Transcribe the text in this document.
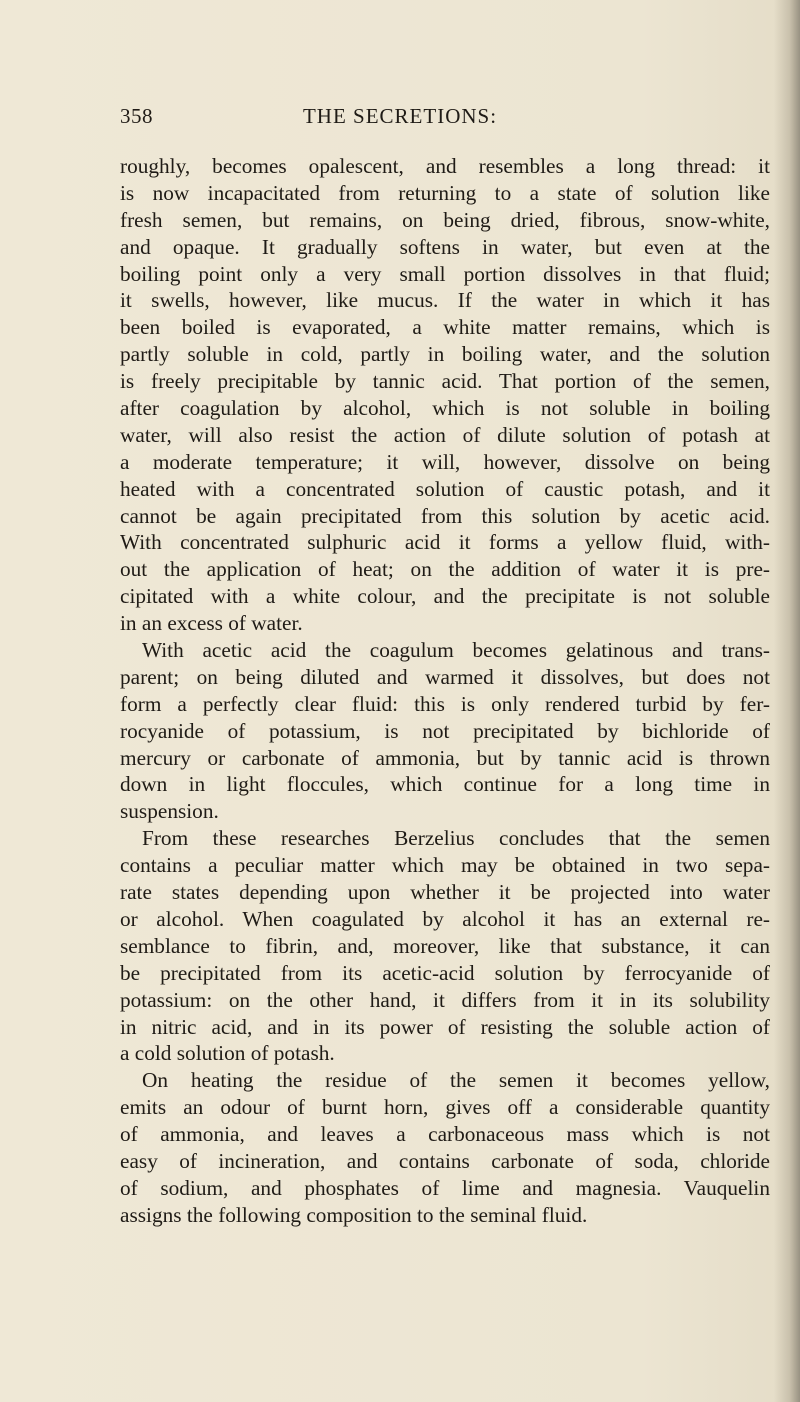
358	THE SECRETIONS:
roughly, becomes opalescent, and resembles a long thread: it
is now incapacitated from returning to a state of solution like
fresh semen, but remains, on being dried, fibrous, snow-white,
and opaque. It gradually softens in water, but even at the
boiling point only a very small portion dissolves in that fluid;
it swells, however, like mucus. If the water in which it has
been boiled is evaporated, a white matter remains, which is
partly soluble in cold, partly in boiling water, and the solution
is freely precipitable by tannic acid. That portion of the semen,
after coagulation by alcohol, which is not soluble in boiling
water, will also resist the action of dilute solution of potash at
a moderate temperature; it will, however, dissolve on being
heated with a concentrated solution of caustic potash, and it
cannot be again precipitated from this solution by acetic acid.
With concentrated sulphuric acid it forms a yellow fluid, with-
out the application of heat; on the addition of water it is pre-
cipitated with a white colour, and the precipitate is not soluble
in an excess of water.
With acetic acid the coagulum becomes gelatinous and trans-
parent; on being diluted and warmed it dissolves, but does not
form a perfectly clear fluid: this is only rendered turbid by fer-
rocyanide of potassium, is not precipitated by bichloride of
mercury or carbonate of ammonia, but by tannic acid is thrown
down in light floccules, which continue for a long time in
suspension.
From these researches Berzelius concludes that the semen
contains a peculiar matter which may be obtained in two sepa-
rate states depending upon whether it be projected into water
or alcohol. When coagulated by alcohol it has an external re-
semblance to fibrin, and, moreover, like that substance, it can
be precipitated from its acetic-acid solution by ferrocyanide of
potassium: on the other hand, it differs from it in its solubility
in nitric acid, and in its power of resisting the soluble action of
a cold solution of potash.
On heating the residue of the semen it becomes yellow,
emits an odour of burnt horn, gives off a considerable quantity
of ammonia, and leaves a carbonaceous mass which is not
easy of incineration, and contains carbonate of soda, chloride
of sodium, and phosphates of lime and magnesia. Vauquelin
assigns the following composition to the seminal fluid.
